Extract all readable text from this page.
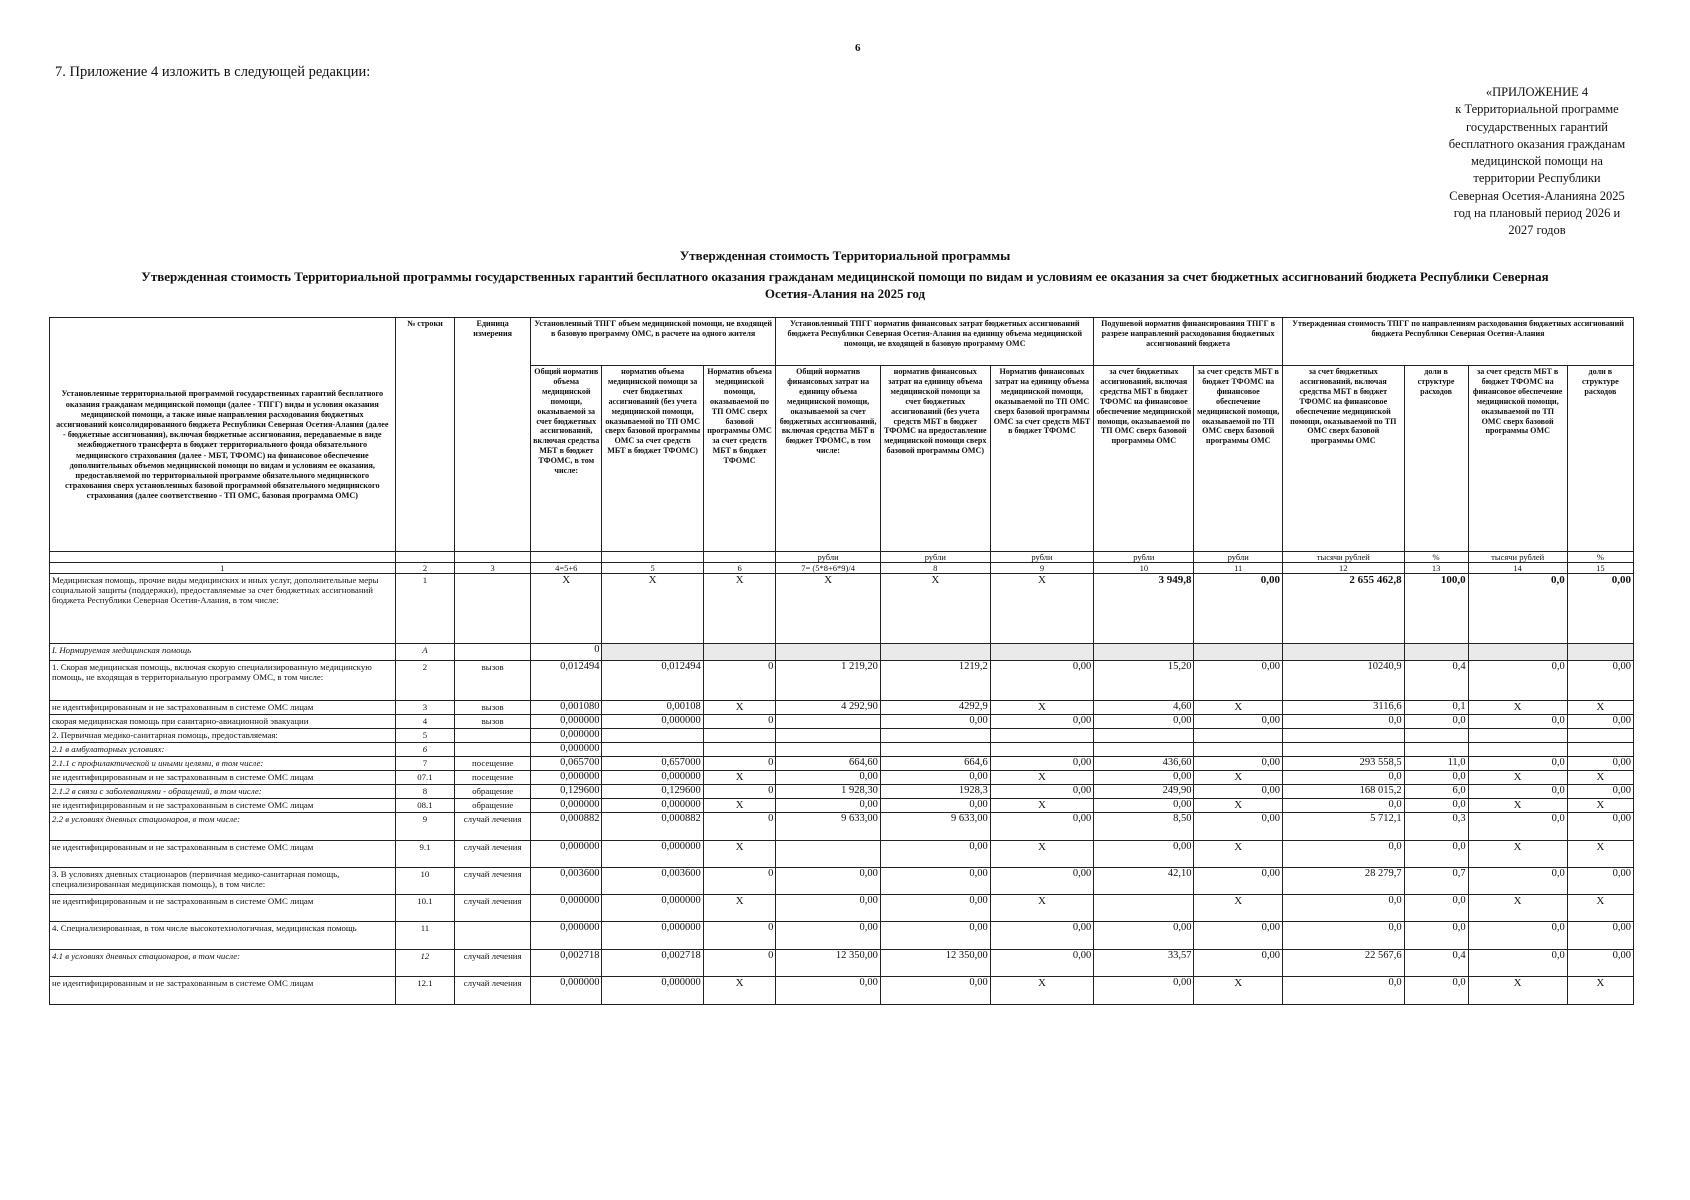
6
7. Приложение 4 изложить в следующей редакции:
«ПРИЛОЖЕНИЕ 4
к Территориальной программе
государственных гарантий
бесплатного оказания гражданам
медицинской помощи на
территории Республики
Северная Осетия-Аланияна 2025
год на плановый период 2026 и
2027 годов
Утвержденная стоимость Территориальной программы
Утвержденная стоимость Территориальной программы государственных гарантий бесплатного оказания гражданам медицинской помощи по видам и условиям ее оказания за счет бюджетных ассигнований бюджета Республики Северная Осетия-Алания на 2025 год
Установленные территориальной программой государственных гарантий бесплатного оказания гражданам медицинской помощи (далее - ТПГГ) виды и условия оказания медицинской помощи, а также иные направления расходования бюджетных ассигнований консолидированного бюджета Республики Северная Осетия-Алания (далее - бюджетные ассигнования), включая бюджетные ассигнования, передаваемые в виде межбюджетного трансферта в бюджет территориального фонда обязательного медицинского страхования (далее - МБТ, ТФОМС) на финансовое обеспечение дополнительных объемов медицинской помощи по видам и условиям ее оказания, предоставляемой по территориальной программе обязательного медицинского страхования сверх установленных базовой программой обязательного медицинского страхования (далее соответственно - ТП ОМС, базовая программа ОМС)	№ строки	Единица измерения	Установленный ТПГГ объем медицинской помощи, не входящей в базовую программу ОМС, в расчете на одного жителя			Установленный ТПГГ норматив финансовых затрат бюджетных ассигнований бюджета Республики Северная Осетия-Алания на единицу объема медицинской помощи, не входящей в базовую программу ОМС			Подушевой норматив финансирования ТПГГ в разрезе направлений расходования бюджетных ассигнований бюджета		Утвержденная стоимость ТПГГ по направлениям расходования бюджетных ассигнований бюджета Республики Северная Осетия-Алания			
			Общий норматив объема медицинской помощи, оказываемой за счет бюджетных ассигнований, включая средства МБТ в бюджет ТФОМС, в том числе:	норматив объема медицинской помощи за счет бюджетных ассигнований (без учета медицинской помощи, оказываемой по ТП ОМС сверх базовой программы ОМС за счет средств МБТ в бюджет ТФОМС)	Норматив объема медицинской помощи, оказываемой по ТП ОМС сверх базовой программы ОМС за счет средств МБТ в бюджет ТФОМС	Общий норматив финансовых затрат на единицу объема медицинской помощи, оказываемой за счет бюджетных ассигнований, включая средства МБТ в бюджет ТФОМС, в том числе:	норматив финансовых затрат на единицу объема медицинской помощи за счет бюджетных ассигнований (без учета средств МБТ в бюджет ТФОМС на предоставление медицинской помощи сверх базовой программы ОМС)	Норматив финансовых затрат на единицу объема медицинской помощи, оказываемой по ТП ОМС сверх базовой программы ОМС за счет средств МБТ в бюджет ТФОМС	за счет бюджетных ассигнований, включая средства МБТ в бюджет ТФОМС на финансовое обеспечение медицинской помощи, оказываемой по ТП ОМС сверх базовой программы ОМС	за счет средств МБТ в бюджет ТФОМС на финансовое обеспечение медицинской помощи, оказываемой по ТП ОМС сверх базовой программы ОМС	за счет бюджетных ассигнований, включая средства МБТ в бюджет ТФОМС на финансовое обеспечение медицинской помощи, оказываемой по ТП ОМС сверх базовой программы ОМС	доли в структуре расходов	за счет средств МБТ в бюджет ТФОМС на финансовое обеспечение медицинской помощи, оказываемой по ТП ОМС сверх базовой программы ОМС	доли в структуре расходов
						рубли	рубли	рубли	рубли	рубли	тысячи рублей	%	тысячи рублей	%
1	2	3	4=5+6	5	6	7= (5*8+6*9)/4	8	9	10	11	12	13	14	15
Медицинская помощь, прочие виды медицинских и иных услуг, дополнительные меры социальной защиты (поддержки), предоставляемые за счет бюджетных ассигнований бюджета Республики Северная Осетия-Алания, в том числе:	1		X	X	X	X	X	X	3 949,8	0,00	2 655 462,8	100,0	0,0	0,00
I. Нормируемая медицинская помощь	A		0											
1. Скорая медицинская помощь, включая скорую специализированную медицинскую помощь, не входящая в территориальную программу ОМС, в том числе:	2	вызов	0,012494	0,012494	0	1 219,20	1219,2	0,00	15,20	0,00	10240,9	0,4	0,0	0,00
не идентифицированным и не застрахованным в системе ОМС лицам	3	вызов	0,001080	0,00108	X	4 292,90	4292,9	X	4,60	X	3116,6	0,1	X	X
скорая медицинская помощь при санитарно-авиационной эвакуации	4	вызов	0,000000	0,000000	0		0,00	0,00	0,00	0,00	0,0	0,0	0,0	0,00
2. Первичная медико-санитарная помощь, предоставляемая:	5		0,000000											
2.1 в амбулаторных условиях:	6		0,000000											
2.1.1 с профилактической и иными целями, в том числе:	7	посещение	0,065700	0,657000	0	664,60	664,6	0,00	436,60	0,00	293 558,5	11,0	0,0	0,00
не идентифицированным и не застрахованным в системе ОМС лицам	07.1	посещение	0,000000	0,000000	X	0,00	0,00	X	0,00	X	0,0	0,0	X	X
2.1.2 в связи с заболеваниями - обращений, в том числе:	8	обращение	0,129600	0,129600	0	1 928,30	1928,3	0,00	249,90	0,00	168 015,2	6,0	0,0	0,00
не идентифицированным и не застрахованным в системе ОМС лицам	08.1	обращение	0,000000	0,000000	X	0,00	0,00	X	0,00	X	0,0	0,0	X	X
2.2 в условиях дневных стационаров, в том числе:	9	случай лечения	0,000882	0,000882	0	9 633,00	9 633,00	0,00	8,50	0,00	5 712,1	0,3	0,0	0,00
не идентифицированным и не застрахованным в системе ОМС лицам	9.1	случай лечения	0,000000	0,000000	X		0,00	X	0,00	X	0,0	0,0	X	X
3. В условиях дневных стационаров (первичная медико-санитарная помощь, специализированная медицинская помощь), в том числе:	10	случай лечения	0,003600	0,003600	0	0,00	0,00	0,00	42,10	0,00	28 279,7	0,7	0,0	0,00
не идентифицированным и не застрахованным в системе ОМС лицам	10.1	случай лечения	0,000000	0,000000	X	0,00	0,00	X		X	0,0	0,0	X	X
4. Специализированная, в том числе высокотехнологичная, медицинская помощь	11		0,000000	0,000000	0	0,00	0,00	0,00	0,00	0,00	0,0	0,0	0,0	0,00
4.1 в условиях дневных стационаров, в том числе:	12	случай лечения	0,002718	0,002718	0	12 350,00	12 350,00	0,00	33,57	0,00	22 567,6	0,4	0,0	0,00
не идентифицированным и не застрахованным в системе ОМС лицам	12.1	случай лечения	0,000000	0,000000	X	0,00	0,00	X	0,00	X	0,0	0,0	X	X
